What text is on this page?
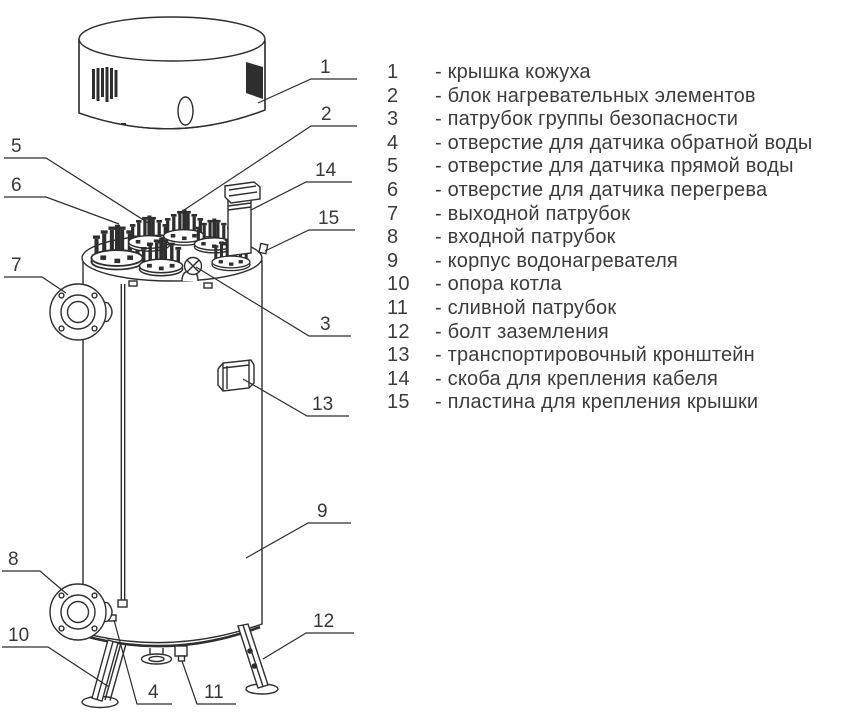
1
2
14
15
3
13
9
12
5
6
7
8
10
4 11
1	- крышка кожуха
2	- блок нагревательных элементов
3	- патрубок группы безопасности
4	- отверстие для датчика обратной воды
5	- отверстие для датчика прямой воды
6	- отверстие для датчика перегрева
7	- выходной патрубок
8	- входной патрубок
9	- корпус водонагревателя
10	- опора котла
11	- сливной патрубок
12	- болт заземления
13	- транспортировочный кронштейн
14	- скоба для крепления кабеля
15	- пластина для крепления крышки
